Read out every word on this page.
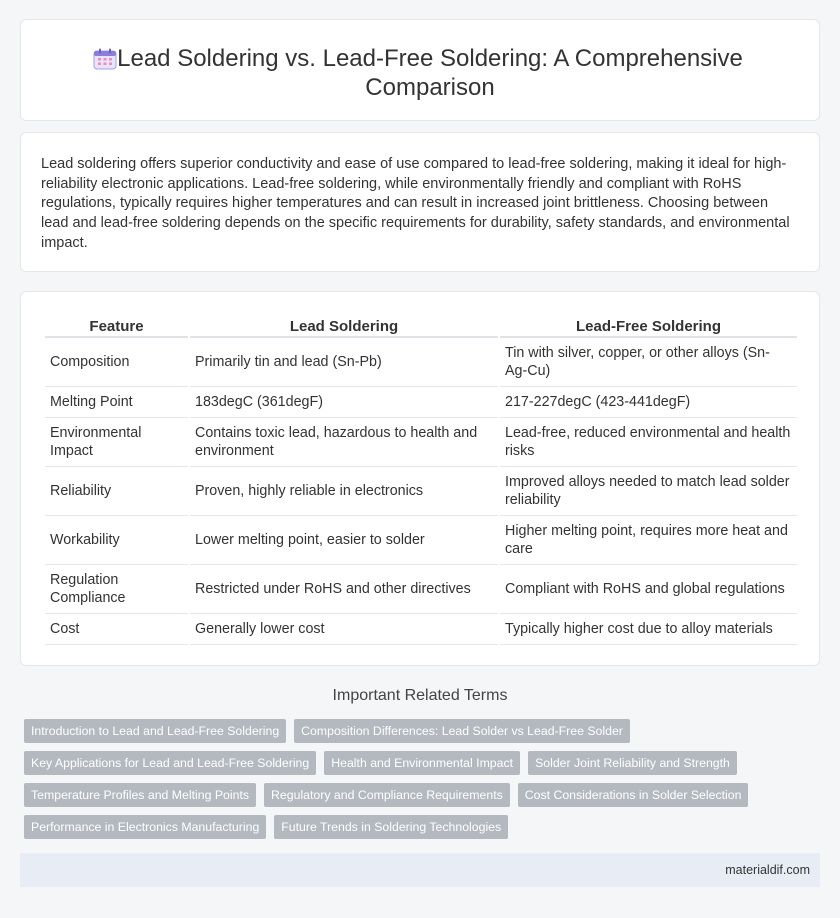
Lead Soldering vs. Lead-Free Soldering: A Comprehensive
Comparison

Lead soldering offers superior conductivity and ease of use compared to lead-free soldering, making it ideal for high-reliability electronic applications. Lead-free soldering, while environmentally friendly and compliant with RoHS regulations, typically requires higher temperatures and can result in increased joint brittleness. Choosing between lead and lead-free soldering depends on the specific requirements for durability, safety standards, and environmental impact.

Feature	Lead Soldering	Lead-Free Soldering
Composition	Primarily tin and lead (Sn-Pb)	Tin with silver, copper, or other alloys (Sn-Ag-Cu)
Melting Point	183degC (361degF)	217-227degC (423-441degF)
Environmental Impact	Contains toxic lead, hazardous to health and environment	Lead-free, reduced environmental and health risks
Reliability	Proven, highly reliable in electronics	Improved alloys needed to match lead solder reliability
Workability	Lower melting point, easier to solder	Higher melting point, requires more heat and care
Regulation Compliance	Restricted under RoHS and other directives	Compliant with RoHS and global regulations
Cost	Generally lower cost	Typically higher cost due to alloy materials
Important Related Terms
Introduction to Lead and Lead-Free Soldering	Composition Differences: Lead Solder vs Lead-Free Solder
Key Applications for Lead and Lead-Free Soldering	Health and Environmental Impact	Solder Joint Reliability and Strength
Temperature Profiles and Melting Points	Regulatory and Compliance Requirements	Cost Considerations in Solder Selection
Performance in Electronics Manufacturing	Future Trends in Soldering Technologies
materialdif.com
